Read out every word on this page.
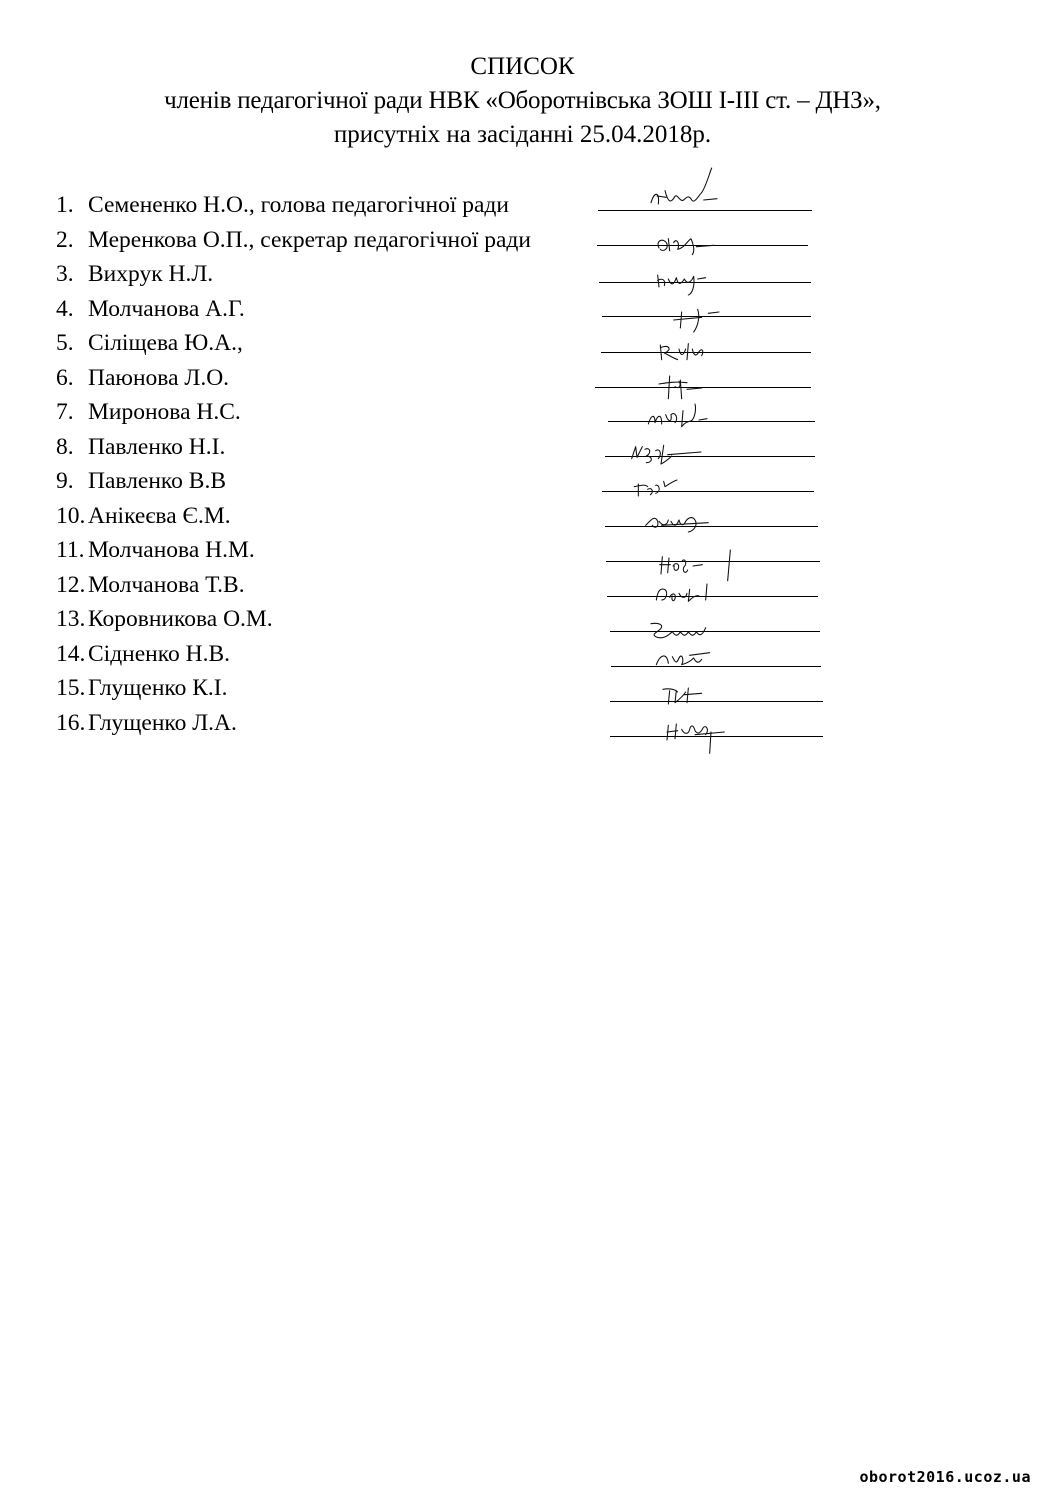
СПИСОК
членів педагогічної ради НВК «Оборотнівська ЗОШ І-ІІІ ст. – ДНЗ»,
присутніх на засіданні 25.04.2018р.
1. Семененко Н.О., голова педагогічної ради
2. Меренкова О.П., секретар педагогічної ради
3. Вихрук Н.Л.
4. Молчанова А.Г.
5. Сіліщева Ю.А.,
6. Паюнова Л.О.
7. Миронова Н.С.
8. Павленко Н.І.
9. Павленко В.В
10. Анікеєва Є.М.
11. Молчанова Н.М.
12. Молчанова Т.В.
13. Коровникова О.М.
14. Сідненко Н.В.
15. Глущенко К.І.
16. Глущенко Л.А.
oborot2016.ucoz.ua
